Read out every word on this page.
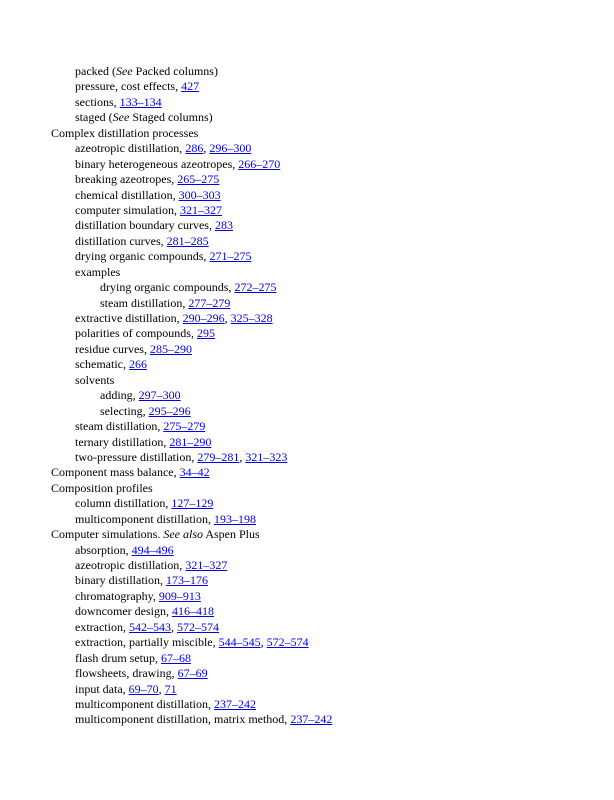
packed (See Packed columns)
pressure, cost effects, 427
sections, 133–134
staged (See Staged columns)
Complex distillation processes
azeotropic distillation, 286, 296–300
binary heterogeneous azeotropes, 266–270
breaking azeotropes, 265–275
chemical distillation, 300–303
computer simulation, 321–327
distillation boundary curves, 283
distillation curves, 281–285
drying organic compounds, 271–275
examples
drying organic compounds, 272–275
steam distillation, 277–279
extractive distillation, 290–296, 325–328
polarities of compounds, 295
residue curves, 285–290
schematic, 266
solvents
adding, 297–300
selecting, 295–296
steam distillation, 275–279
ternary distillation, 281–290
two-pressure distillation, 279–281, 321–323
Component mass balance, 34–42
Composition profiles
column distillation, 127–129
multicomponent distillation, 193–198
Computer simulations. See also Aspen Plus
absorption, 494–496
azeotropic distillation, 321–327
binary distillation, 173–176
chromatography, 909–913
downcomer design, 416–418
extraction, 542–543, 572–574
extraction, partially miscible, 544–545, 572–574
flash drum setup, 67–68
flowsheets, drawing, 67–69
input data, 69–70, 71
multicomponent distillation, 237–242
multicomponent distillation, matrix method, 237–242
